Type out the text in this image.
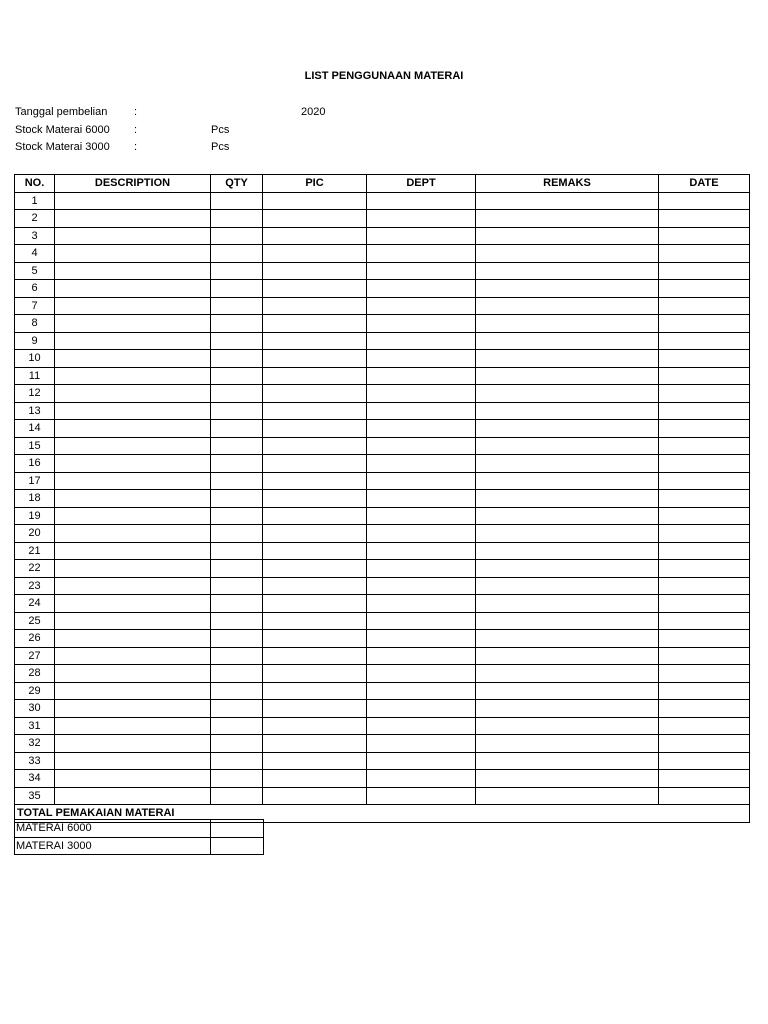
LIST PENGGUNAAN MATERAI
Tanggal pembelian :	2020
Stock Materai 6000 :	Pcs
Stock Materai 3000 :	Pcs
NO.	DESCRIPTION	QTY	PIC	DEPT	REMAKS	DATE
1						
2						
3						
4						
5						
6						
7						
8						
9						
10						
11						
12						
13						
14						
15						
16						
17						
18						
19						
20						
21						
22						
23						
24						
25						
26						
27						
28						
29						
30						
31						
32						
33						
34						
35						
TOTAL PEMAKAIAN MATERAI						
MATERAI 6000	
MATERAI 3000	
